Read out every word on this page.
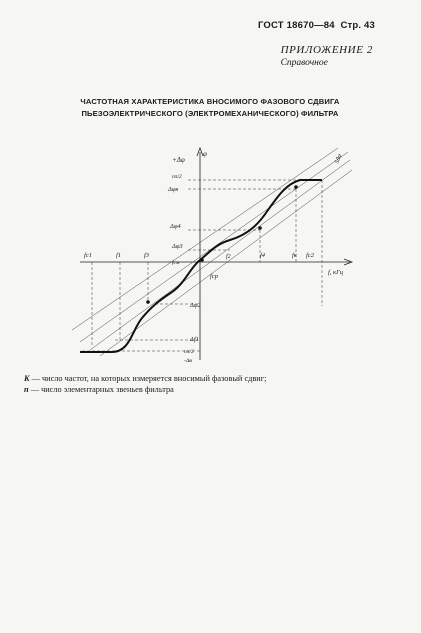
ГОСТ 18670—84 Стр. 43
ПРИЛОЖЕНИЕ 2
Справочное
ЧАСТОТНАЯ ХАРАКТЕРИСТИКА ВНОСИМОГО ФАЗОВОГО СДВИГА
ПЬЕЗОЭЛЕКТРИЧЕСКОГО (ЭЛЕКТРОМЕХАНИЧЕСКОГО) ФИЛЬТРА
+Δφ
φ
f, кГц
fс1	f1	f3
fсм
f2	f4	fк fс2
fср
Δφк
nπ/2
Δφ4
Δφ3
Δφ2
Δf1
nπ/2
-Δφ
5Δφ
K — число частот, на которых измеряется вносимый фазовый сдвиг;
n — число элементарных звеньев фильтра
